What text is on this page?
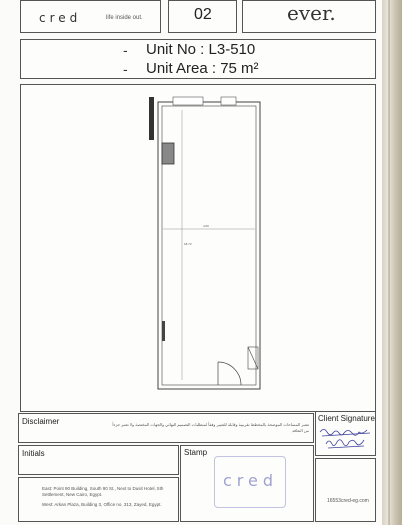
cred	life inside out.	02	ever.
- Unit No : L3-510
- Unit Area : 75 m²
4.00
18.73
Disclaimer	تعتبر المساحات الموضحة بالمخطط تقريبية وقابلة للتغيير وفقاً لمتطلبات التصميم النهائي والجهات المختصة ولا تعتبر جزءاً من التعاقد
Client Signature
Initials	Stamp
cred
16553 cred-eg.com
East: Point 90 Building, South 90 St., Next to Dusit Hotel, 5th Settlement, New Cairo, Egypt.
West: Arkan Plaza, Building 3, Office no. 313, Zayed, Egypt.
